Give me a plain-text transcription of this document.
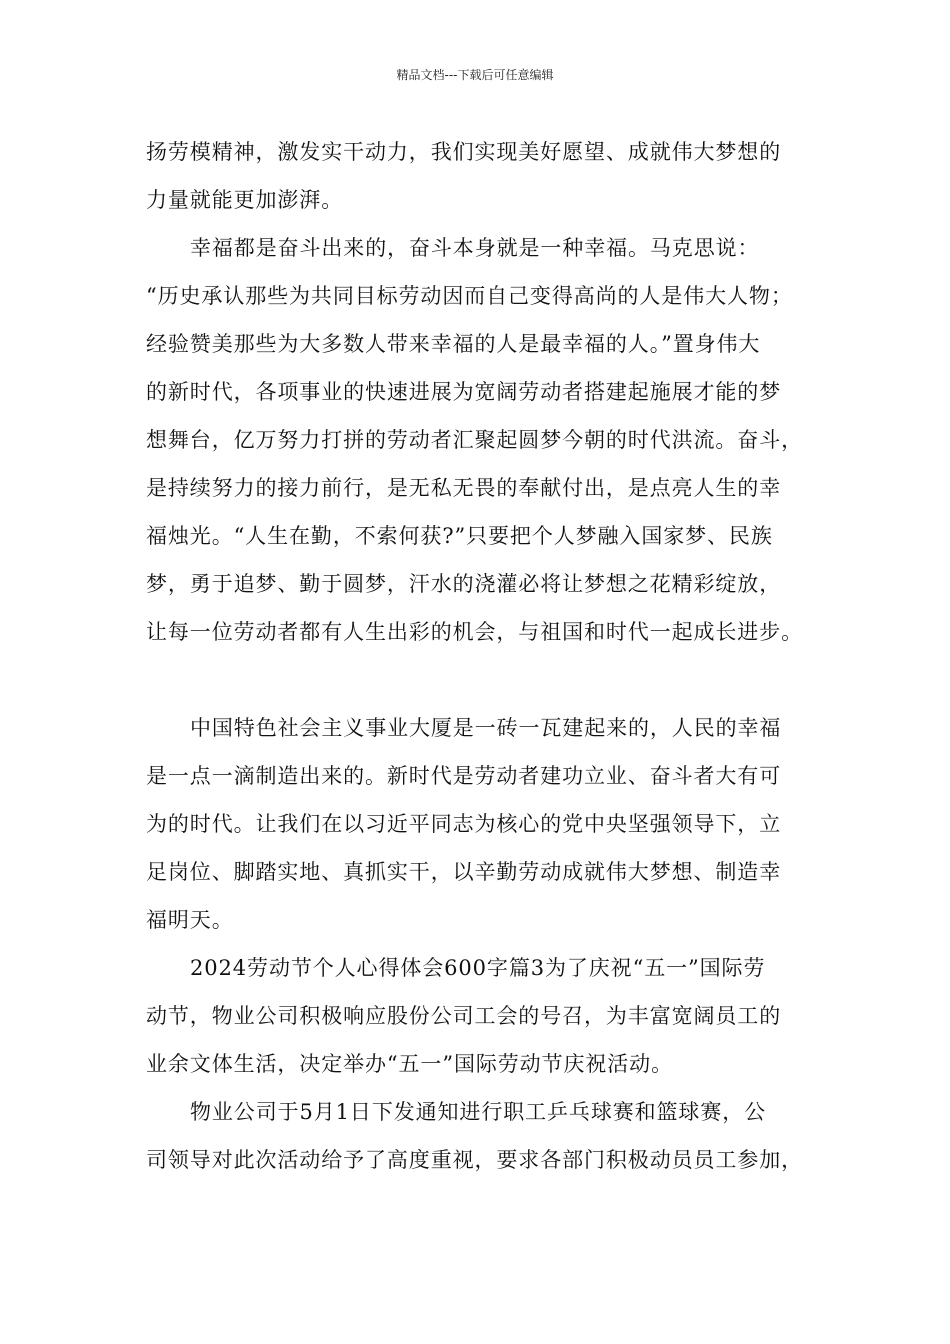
精品文档---下载后可任意编辑
扬劳模精神，激发实干动力，我们实现美好愿望、成就伟大梦想的
力量就能更加澎湃。
幸福都是奋斗出来的，奋斗本身就是一种幸福。马克思说：
“历史承认那些为共同目标劳动因而自己变得高尚的人是伟大人物；
经验赞美那些为大多数人带来幸福的人是最幸福的人。”置身伟大
的新时代，各项事业的快速进展为宽阔劳动者搭建起施展才能的梦
想舞台，亿万努力打拼的劳动者汇聚起圆梦今朝的时代洪流。奋斗，
是持续努力的接力前行，是无私无畏的奉献付出，是点亮人生的幸
福烛光。“人生在勤，不索何获?”只要把个人梦融入国家梦、民族
梦，勇于追梦、勤于圆梦，汗水的浇灌必将让梦想之花精彩绽放，
让每一位劳动者都有人生出彩的机会，与祖国和时代一起成长进步。
中国特色社会主义事业大厦是一砖一瓦建起来的，人民的幸福
是一点一滴制造出来的。新时代是劳动者建功立业、奋斗者大有可
为的时代。让我们在以习近平同志为核心的党中央坚强领导下，立
足岗位、脚踏实地、真抓实干，以辛勤劳动成就伟大梦想、制造幸
福明天。
2024劳动节个人心得体会600字篇3为了庆祝“五一”国际劳
动节，物业公司积极响应股份公司工会的号召，为丰富宽阔员工的
业余文体生活，决定举办“五一”国际劳动节庆祝活动。
物业公司于5月1日下发通知进行职工乒乓球赛和篮球赛，公
司领导对此次活动给予了高度重视，要求各部门积极动员员工参加，
